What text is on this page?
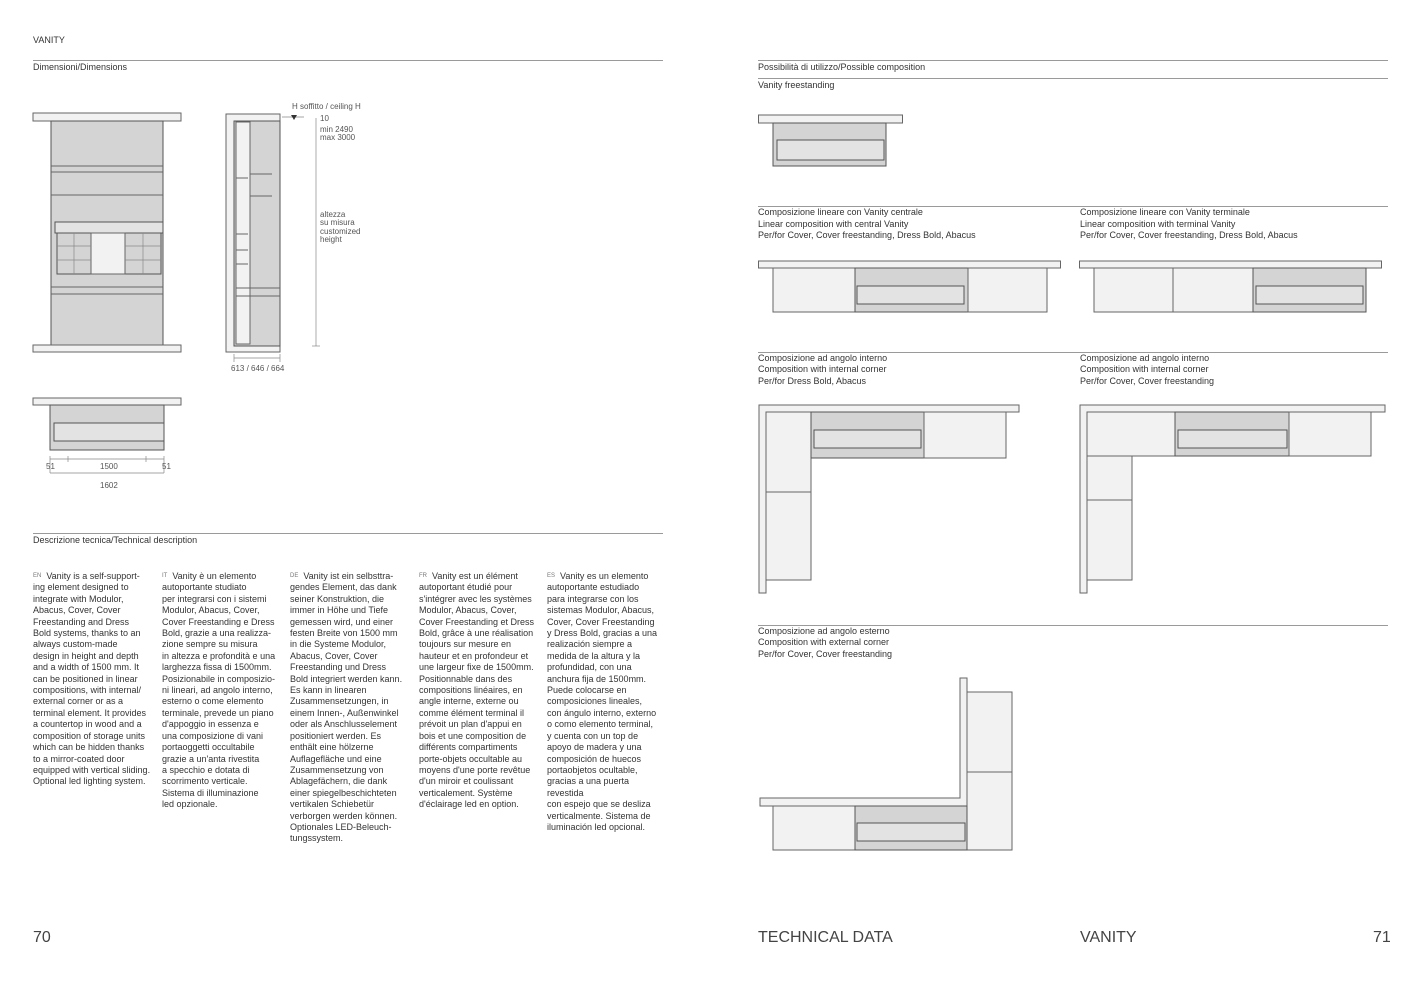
VANITY
Dimensioni/Dimensions
H soffitto / ceiling H
10
min 2490
max 3000
altezza
su misura
customized
height
613 / 646 / 664
51	1500	51
1602
Descrizione tecnica/Technical description

$^{EN}$ Vanity is a self-support-

ing element designed to

integrate with Modulor,

Abacus, Cover, Cover

Freestanding and Dress

Bold systems, thanks to an

always custom-made

design in height and depth

and a width of 1500 mm. It

can be positioned in linear

compositions, with internal/

external corner or as a

terminal element. It provides

a countertop in wood and a

composition of storage units

which can be hidden thanks

to a mirror-coated door

equipped with vertical sliding.

Optional led lighting system.

$^{IT}$ Vanity è un elemento

autoportante studiato

per integrarsi con i sistemi

Modulor, Abacus, Cover,

Cover Freestanding e Dress

Bold, grazie a una realizza-

zione sempre su misura

in altezza e profondità e una

larghezza fissa di 1500mm.

Posizionabile in composizio-

ni lineari, ad angolo interno,

esterno o come elemento

terminale, prevede un piano

d'appoggio in essenza e

una composizione di vani

portaoggetti occultabile

grazie a un'anta rivestita

a specchio e dotata di

scorrimento verticale.

Sistema di illuminazione

led opzionale.

$^{DE}$ Vanity ist ein selbsttra-

gendes Element, das dank

seiner Konstruktion, die

immer in Höhe und Tiefe

gemessen wird, und einer

festen Breite von 1500 mm

in die Systeme Modulor,

Abacus, Cover, Cover

Freestanding und Dress

Bold integriert werden kann.

Es kann in linearen

Zusammensetzungen, in

einem Innen-, Außenwinkel

oder als Anschlusselement

positioniert werden. Es

enthält eine hölzerne

Auflagefläche und eine

Zusammensetzung von

Ablagefächern, die dank

einer spiegelbeschichteten

vertikalen Schiebetür

verborgen werden können.

Optionales LED-Beleuch-

tungssystem.

$^{FR}$ Vanity est un élément

autoportant étudié pour

s'intégrer avec les systèmes

Modulor, Abacus, Cover,

Cover Freestanding et Dress

Bold, grâce à une réalisation

toujours sur mesure en

hauteur et en profondeur et

une largeur fixe de 1500mm.

Positionnable dans des

compositions linéaires, en

angle interne, externe ou

comme élément terminal il

prévoit un plan d'appui en

bois et une composition de

différents compartiments

porte-objets occultable au

moyens d'une porte revêtue

d'un miroir et coulissant

verticalement. Système

d'éclairage led en option.

$^{ES}$ Vanity es un elemento

autoportante estudiado

para integrarse con los

sistemas Modulor, Abacus,

Cover, Cover Freestanding

y Dress Bold, gracias a una

realización siempre a

medida de la altura y la

profundidad, con una

anchura fija de 1500mm.

Puede colocarse en

composiciones lineales,

con ángulo interno, externo

o como elemento terminal,

y cuenta con un top de

apoyo de madera y una

composición de huecos

portaobjetos ocultable,

gracias a una puerta revestida

con espejo que se desliza

verticalmente. Sistema de

iluminación led opcional.

70
Possibilità di utilizzo/Possible composition
Vanity freestanding
Composizione lineare con Vanity centrale
Linear composition with central Vanity
Per/for Cover, Cover freestanding, Dress Bold, Abacus
Composizione lineare con Vanity terminale
Linear composition with terminal Vanity
Per/for Cover, Cover freestanding, Dress Bold, Abacus
Composizione ad angolo interno
Composition with internal corner
Per/for Dress Bold, Abacus
Composizione ad angolo interno
Composition with internal corner
Per/for Cover, Cover freestanding
Composizione ad angolo esterno
Composition with external corner
Per/for Cover, Cover freestanding
TECHNICAL DATA	VANITY	71
